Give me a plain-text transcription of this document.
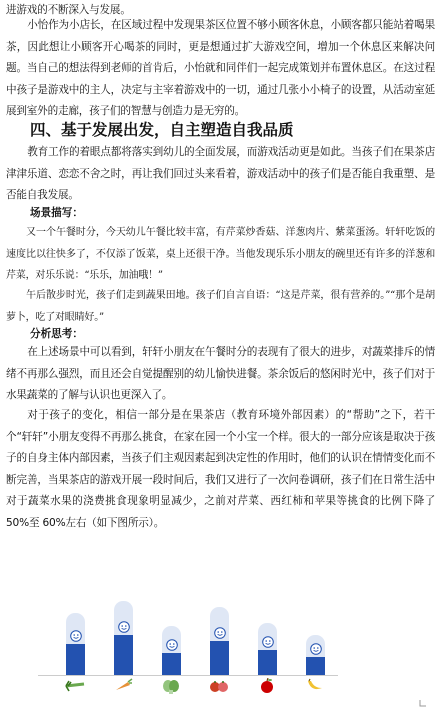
进游戏的不断深入与发展。

小怡作为小店长，在区域过程中发现果茶区位置不够小顾客休息，小顾客都只能站着喝果茶，因此想让小顾客开心喝茶的同时，更是想通过扩大游戏空间，增加一个休息区来解决问题。当自己的想法得到老师的首肯后，小怡就和同伴们一起完成策划并布置休息区。在这过程中孩子是游戏中的主人，决定与主宰着游戏中的一切，通过几张小小椅子的设置，从活动室延展到室外的走廊，孩子们的智慧与创造力是无穷的。

四、基于发展出发，自主塑造自我品质

教育工作的着眼点都将落实到幼儿的全面发展，而游戏活动更是如此。当孩子们在果茶店津津乐道、恋恋不舍之时，再让我们回过头来看着，游戏活动中的孩子们是否能自我重塑、是否能自我发展。

场景描写：

又一个午餐时分，今天幼儿午餐比较丰富，有芹菜炒香菇、洋葱肉片、紫菜蛋汤。轩轩吃饭的速度比以往快多了，不仅添了饭菜，桌上还很干净。当他发现乐乐小朋友的碗里还有许多的洋葱和芹菜，对乐乐说：“乐乐，加油哦！”

午后散步时光，孩子们走到蔬果田地。孩子们自言自语：“这是芹菜，很有营养的。”“那个是胡萝卜，吃了对眼睛好。”

分析思考：

在上述场景中可以看到，轩轩小朋友在午餐时分的表现有了很大的进步，对蔬菜排斥的情绪不再那么强烈，而且还会自觉提醒别的幼儿愉快进餐。茶余饭后的悠闲时光中，孩子们对于水果蔬菜的了解与认识也更深入了。

对于孩子的变化，相信一部分是在果茶店（教育环境外部因素）的“帮助”之下，若干个“轩轩”小朋友变得不再那么挑食，在家在园一个小宝一个样。很大的一部分应该是取决于孩子的自身主体内部因素，当孩子们主观因素起到决定性的作用时，他们的认识在情情变化而不断完善，当果茶店的游戏开展一段时间后，我们又进行了一次问卷调研，孩子们在日常生活中对于蔬菜水果的浇费挑食现象明显减少，之前对芹菜、西红柿和苹果等挑食的比例下降了 50%至 60%左右（如下图所示）。
